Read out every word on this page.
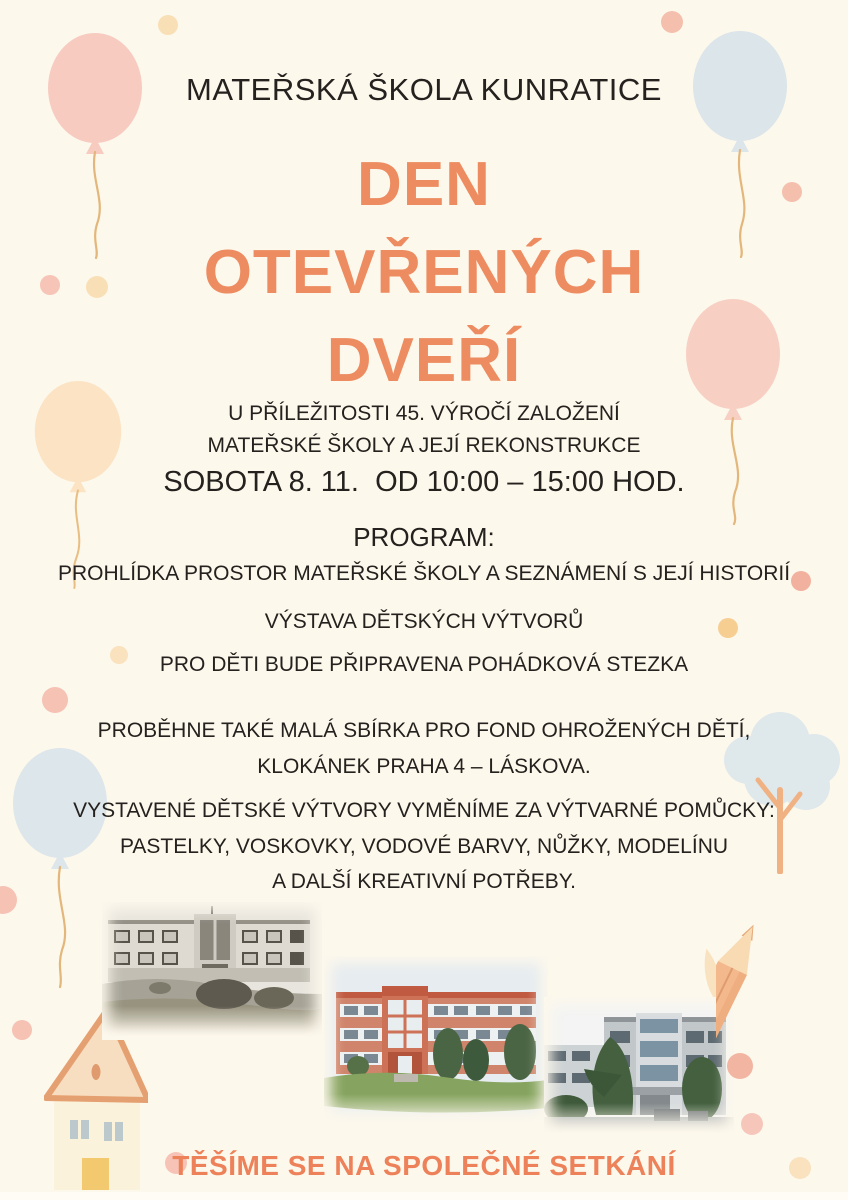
MATEŘSKÁ ŠKOLA KUNRATICE
DEN
OTEVŘENÝCH
DVEŘÍ
U PŘÍLEŽITOSTI 45. VÝROČÍ ZALOŽENÍ
MATEŘSKÉ ŠKOLY A JEJÍ REKONSTRUKCE
SOBOTA 8. 11.  OD 10:00 – 15:00 HOD.
PROGRAM:
PROHLÍDKA PROSTOR MATEŘSKÉ ŠKOLY A SEZNÁMENÍ S JEJÍ HISTORIÍ
VÝSTAVA DĚTSKÝCH VÝTVORŮ
PRO DĚTI BUDE PŘIPRAVENA POHÁDKOVÁ STEZKA
PROBĚHNE TAKÉ MALÁ SBÍRKA PRO FOND OHROŽENÝCH DĚTÍ,
KLOKÁNEK PRAHA 4 – LÁSKOVA.
VYSTAVENÉ DĚTSKÉ VÝTVORY VYMĚNÍME ZA VÝTVARNÉ POMŮCKY:
PASTELKY, VOSKOVKY, VODOVÉ BARVY, NŮŽKY, MODELÍNU
A DALŠÍ KREATIVNÍ POTŘEBY.
TĚŠÍME SE NA SPOLEČNÉ SETKÁNÍ
